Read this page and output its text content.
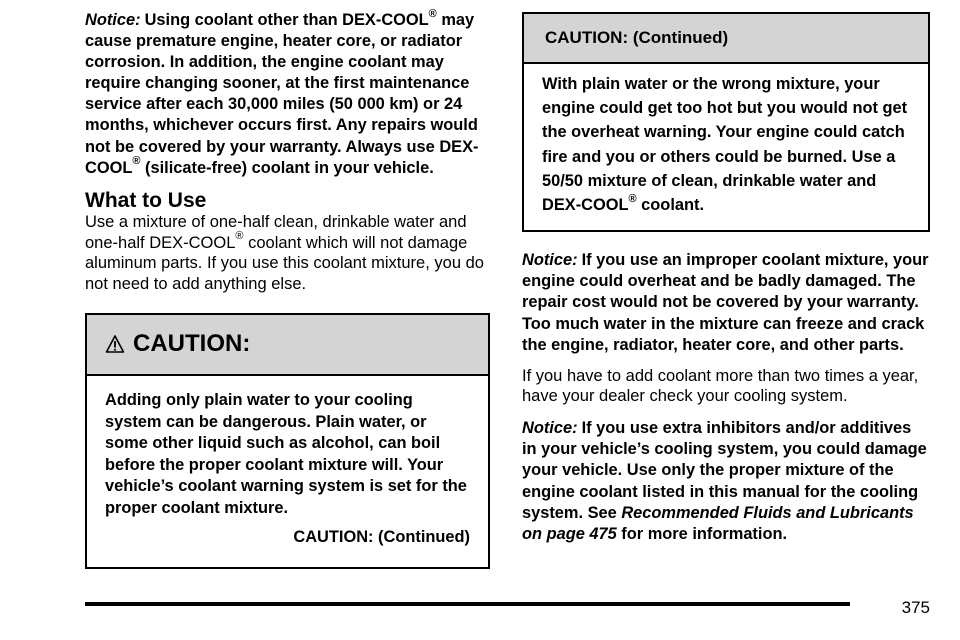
Notice: Using coolant other than DEX-COOL® may cause premature engine, heater core, or radiator corrosion. In addition, the engine coolant may require changing sooner, at the first maintenance service after each 30,000 miles (50 000 km) or 24 months, whichever occurs first. Any repairs would not be covered by your warranty. Always use DEX-COOL® (silicate-free) coolant in your vehicle.

What to Use

Use a mixture of one-half clean, drinkable water and one-half DEX-COOL® coolant which will not damage aluminum parts. If you use this coolant mixture, you do not need to add anything else.

CAUTION:
Adding only plain water to your cooling system can be dangerous. Plain water, or some other liquid such as alcohol, can boil before the proper coolant mixture will. Your vehicle’s coolant warning system is set for the proper coolant mixture.
CAUTION: (Continued)
CAUTION: (Continued)
With plain water or the wrong mixture, your engine could get too hot but you would not get the overheat warning. Your engine could catch fire and you or others could be burned. Use a 50/50 mixture of clean, drinkable water and DEX-COOL® coolant.

Notice: If you use an improper coolant mixture, your engine could overheat and be badly damaged. The repair cost would not be covered by your warranty. Too much water in the mixture can freeze and crack the engine, radiator, heater core, and other parts.

If you have to add coolant more than two times a year, have your dealer check your cooling system.

Notice: If you use extra inhibitors and/or additives in your vehicle’s cooling system, you could damage your vehicle. Use only the proper mixture of the engine coolant listed in this manual for the cooling system. See Recommended Fluids and Lubricants on page 475 for more information.

375
